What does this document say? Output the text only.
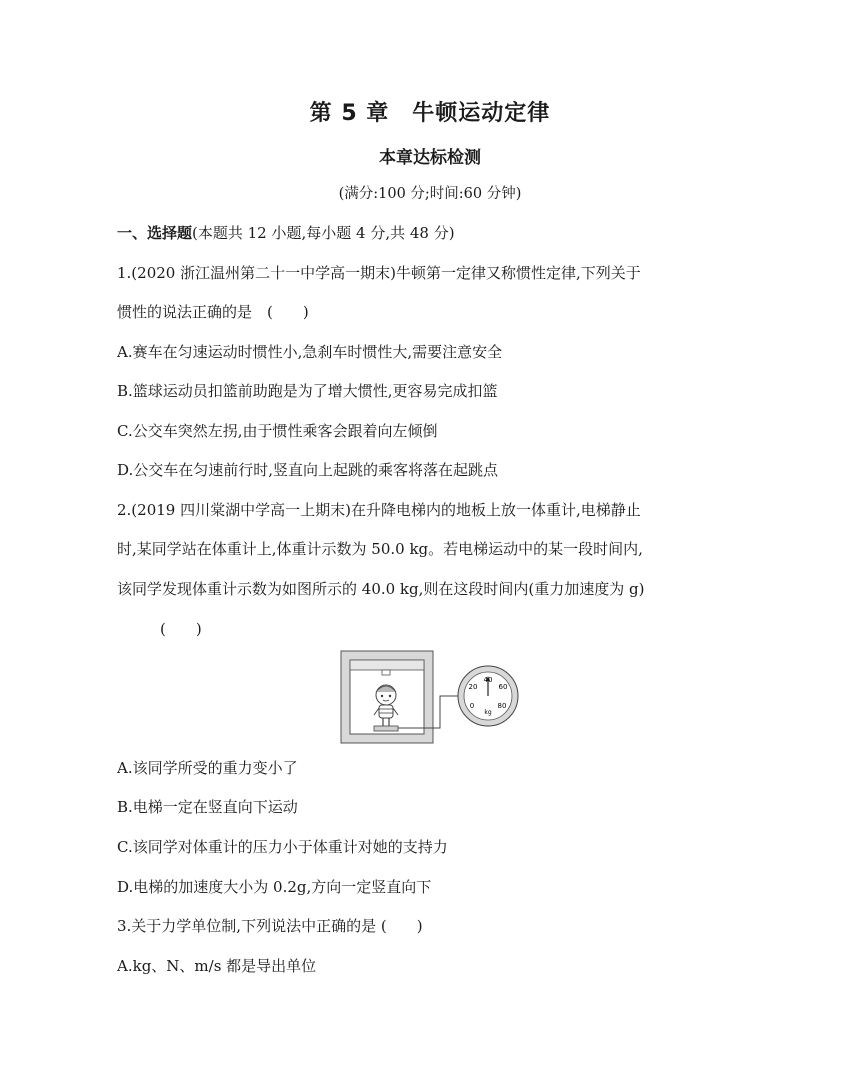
第 5 章　牛顿运动定律
本章达标检测
(满分:100 分;时间:60 分钟)
一、选择题(本题共 12 小题,每小题 4 分,共 48 分)
1.(2020 浙江温州第二十一中学高一期末)牛顿第一定律又称惯性定律,下列关于
惯性的说法正确的是　(　　)
A.赛车在匀速运动时惯性小,急刹车时惯性大,需要注意安全
B.篮球运动员扣篮前助跑是为了增大惯性,更容易完成扣篮
C.公交车突然左拐,由于惯性乘客会跟着向左倾倒
D.公交车在匀速前行时,竖直向上起跳的乘客将落在起跳点
2.(2019 四川棠湖中学高一上期末)在升降电梯内的地板上放一体重计,电梯静止
时,某同学站在体重计上,体重计示数为 50.0 kg。若电梯运动中的某一段时间内,
该同学发现体重计示数为如图所示的 40.0 kg,则在这段时间内(重力加速度为 g)
(　　)
40
60
20
80
0
kg
A.该同学所受的重力变小了
B.电梯一定在竖直向下运动
C.该同学对体重计的压力小于体重计对她的支持力
D.电梯的加速度大小为 0.2g,方向一定竖直向下
3.关于力学单位制,下列说法中正确的是 (　　)
A.kg、N、m/s 都是导出单位
